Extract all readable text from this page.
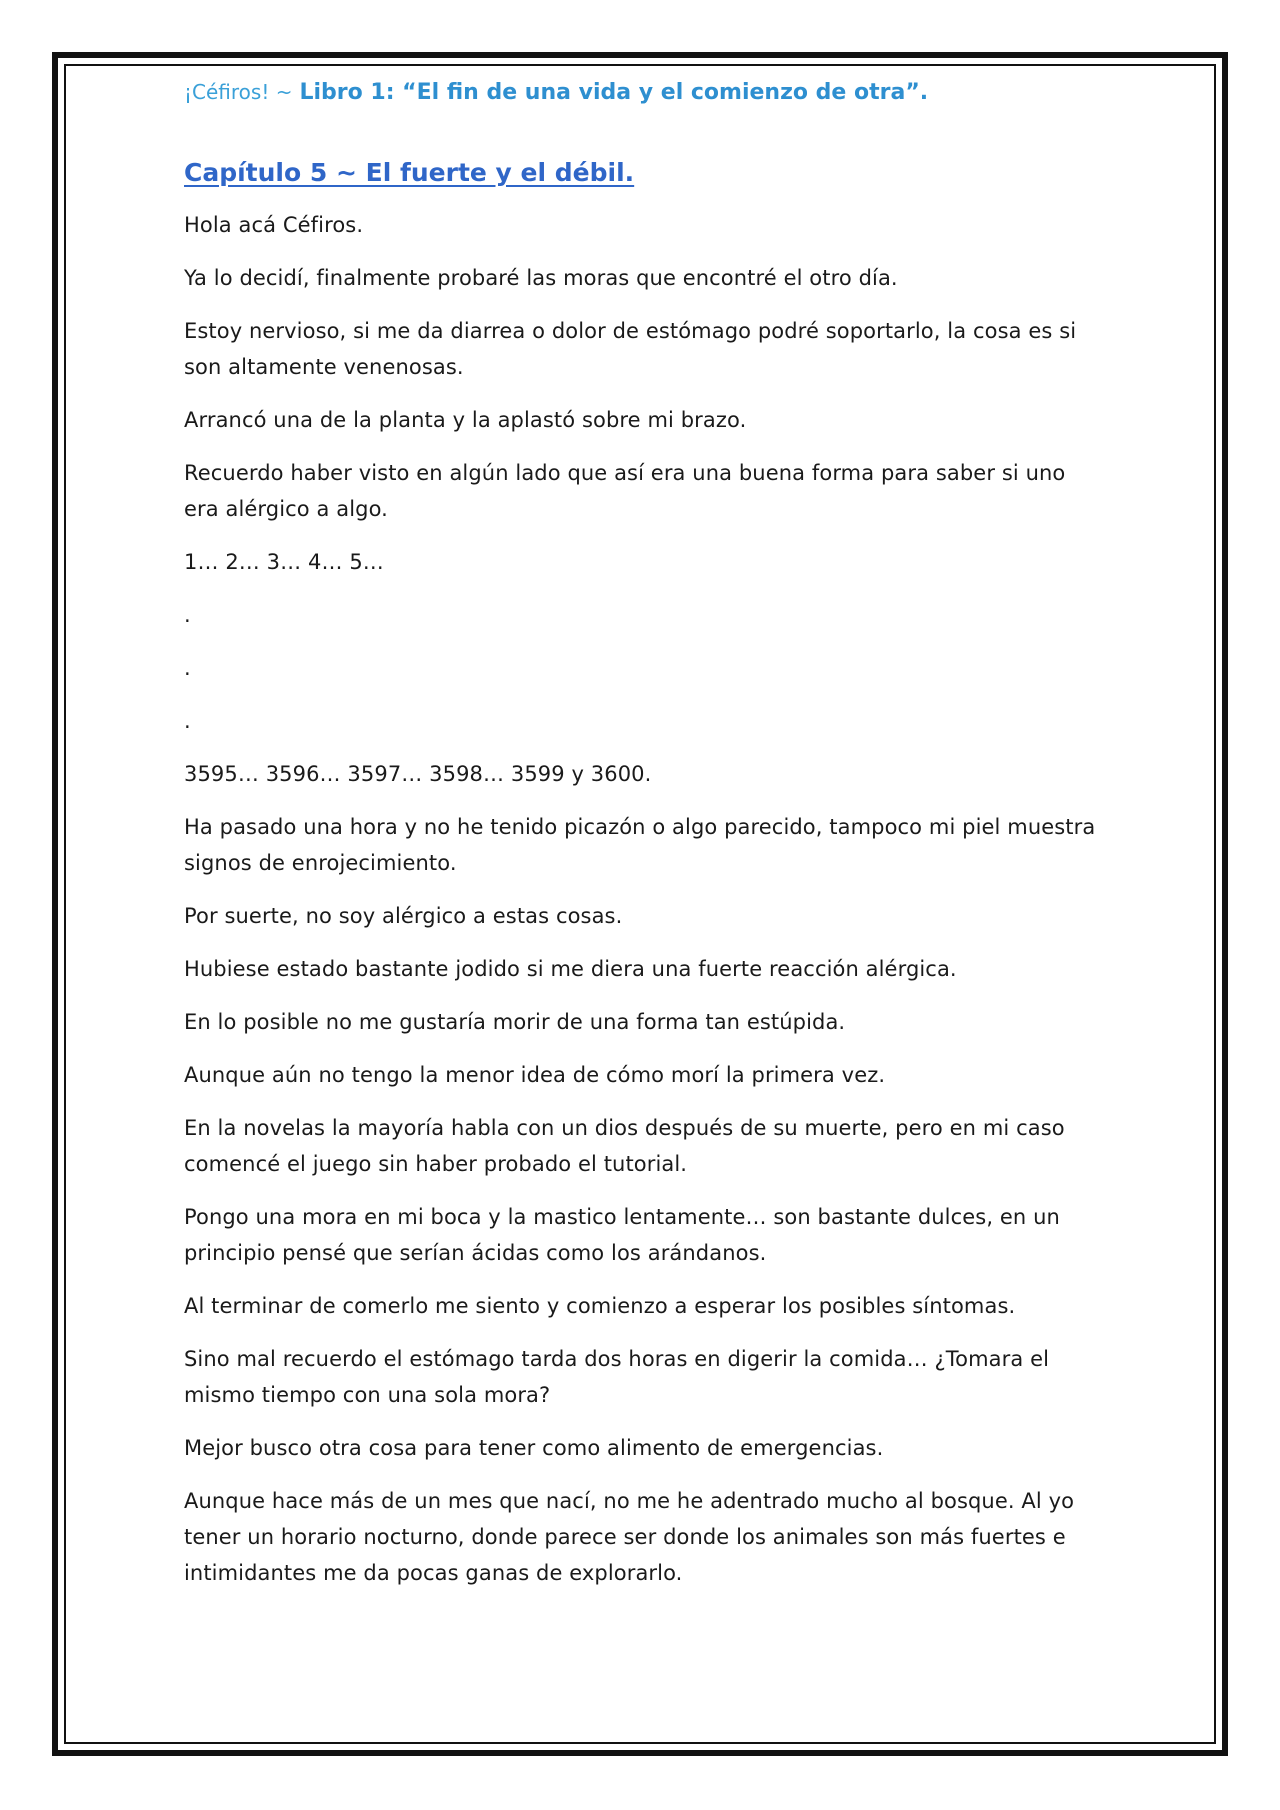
¡Céfiros! ~ Libro 1: “El fin de una vida y el comienzo de otra”.

Capítulo 5 ~ El fuerte y el débil.

Hola acá Céfiros.

Ya lo decidí, finalmente probaré las moras que encontré el otro día.

Estoy nervioso, si me da diarrea o dolor de estómago podré soportarlo, la cosa es si son altamente venenosas.

Arrancó una de la planta y la aplastó sobre mi brazo.

Recuerdo haber visto en algún lado que así era una buena forma para saber si uno era alérgico a algo.

1… 2… 3… 4… 5…

.

.

.

3595… 3596… 3597… 3598… 3599 y 3600.

Ha pasado una hora y no he tenido picazón o algo parecido, tampoco mi piel muestra signos de enrojecimiento.

Por suerte, no soy alérgico a estas cosas.

Hubiese estado bastante jodido si me diera una fuerte reacción alérgica.

En lo posible no me gustaría morir de una forma tan estúpida.

Aunque aún no tengo la menor idea de cómo morí la primera vez.

En la novelas la mayoría habla con un dios después de su muerte, pero en mi caso comencé el juego sin haber probado el tutorial.

Pongo una mora en mi boca y la mastico lentamente… son bastante dulces, en un principio pensé que serían ácidas como los arándanos.

Al terminar de comerlo me siento y comienzo a esperar los posibles síntomas.

Sino mal recuerdo el estómago tarda dos horas en digerir la comida… ¿Tomara el mismo tiempo con una sola mora?

Mejor busco otra cosa para tener como alimento de emergencias.

Aunque hace más de un mes que nací, no me he adentrado mucho al bosque. Al yo tener un horario nocturno, donde parece ser donde los animales son más fuertes e intimidantes me da pocas ganas de explorarlo.
